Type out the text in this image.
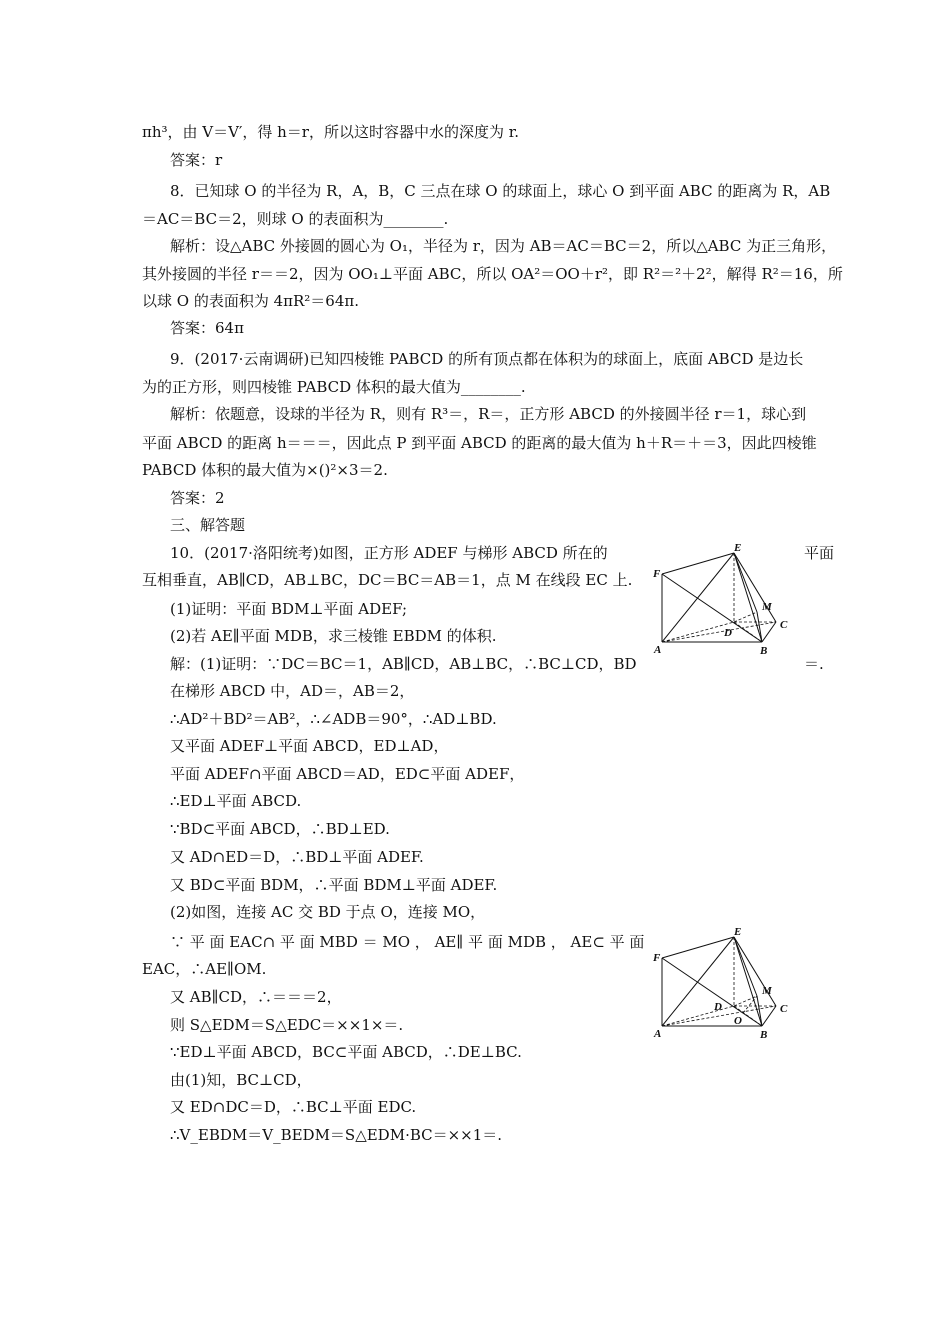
πh³，由 V＝V′，得 h＝r，所以这时容器中水的深度为 r.
答案：r
8．已知球 O 的半径为 R，A，B，C 三点在球 O 的球面上，球心 O 到平面 ABC 的距离为 R，AB
＝AC＝BC＝2，则球 O 的表面积为________.
解析：设△ABC 外接圆的圆心为 O₁，半径为 r，因为 AB＝AC＝BC＝2，所以△ABC 为正三角形，
其外接圆的半径 r＝＝2，因为 OO₁⊥平面 ABC，所以 OA²＝OO＋r²，即 R²＝²＋2²，解得 R²＝16，所
以球 O 的表面积为 4πR²＝64π.
答案：64π
9．(2017·云南调研)已知四棱锥 PABCD 的所有顶点都在体积为的球面上，底面 ABCD 是边长
为的正方形，则四棱锥 PABCD 体积的最大值为________.
解析：依题意，设球的半径为 R，则有 R³＝，R＝，正方形 ABCD 的外接圆半径 r＝1，球心到
平面 ABCD 的距离 h＝＝＝，因此点 P 到平面 ABCD 的距离的最大值为 h＋R＝＋＝3，因此四棱锥
PABCD 体积的最大值为×()²×3＝2.
答案：2
三、解答题
10．(2017·洛阳统考)如图，正方形 ADEF 与梯形 ABCD 所在的	平面
互相垂直，AB∥CD，AB⊥BC，DC＝BC＝AB＝1，点 M 在线段 EC 上.
(1)证明：平面 BDM⊥平面 ADEF;
(2)若 AE∥平面 MDB，求三棱锥 EBDM 的体积.
解：(1)证明：∵DC＝BC＝1，AB∥CD，AB⊥BC，∴BC⊥CD，BD	＝.
在梯形 ABCD 中，AD＝，AB＝2，
∴AD²＋BD²＝AB²，∴∠ADB＝90°，∴AD⊥BD.
又平面 ADEF⊥平面 ABCD，ED⊥AD，
平面 ADEF∩平面 ABCD＝AD，ED⊂平面 ADEF，
∴ED⊥平面 ABCD.
∵BD⊂平面 ABCD，∴BD⊥ED.
又 AD∩ED＝D，∴BD⊥平面 ADEF.
又 BD⊂平面 BDM，∴平面 BDM⊥平面 ADEF.
(2)如图，连接 AC 交 BD 于点 O，连接 MO，
∵ 平 面 EAC∩ 平 面 MBD ＝ MO ， AE∥ 平 面 MDB ， AE⊂ 平 面
EAC，∴AE∥OM.
又 AB∥CD，∴＝＝＝2，
则 S△EDM＝S△EDC＝××1×＝.
∵ED⊥平面 ABCD，BC⊂平面 ABCD，∴DE⊥BC.
由(1)知，BC⊥CD，
又 ED∩DC＝D，∴BC⊥平面 EDC.
∴V_EBDM＝V_BEDM＝S△EDM·BC＝××1＝.
E
F
M
D
C
A	B
E
F
M
D
O
C
A	B
